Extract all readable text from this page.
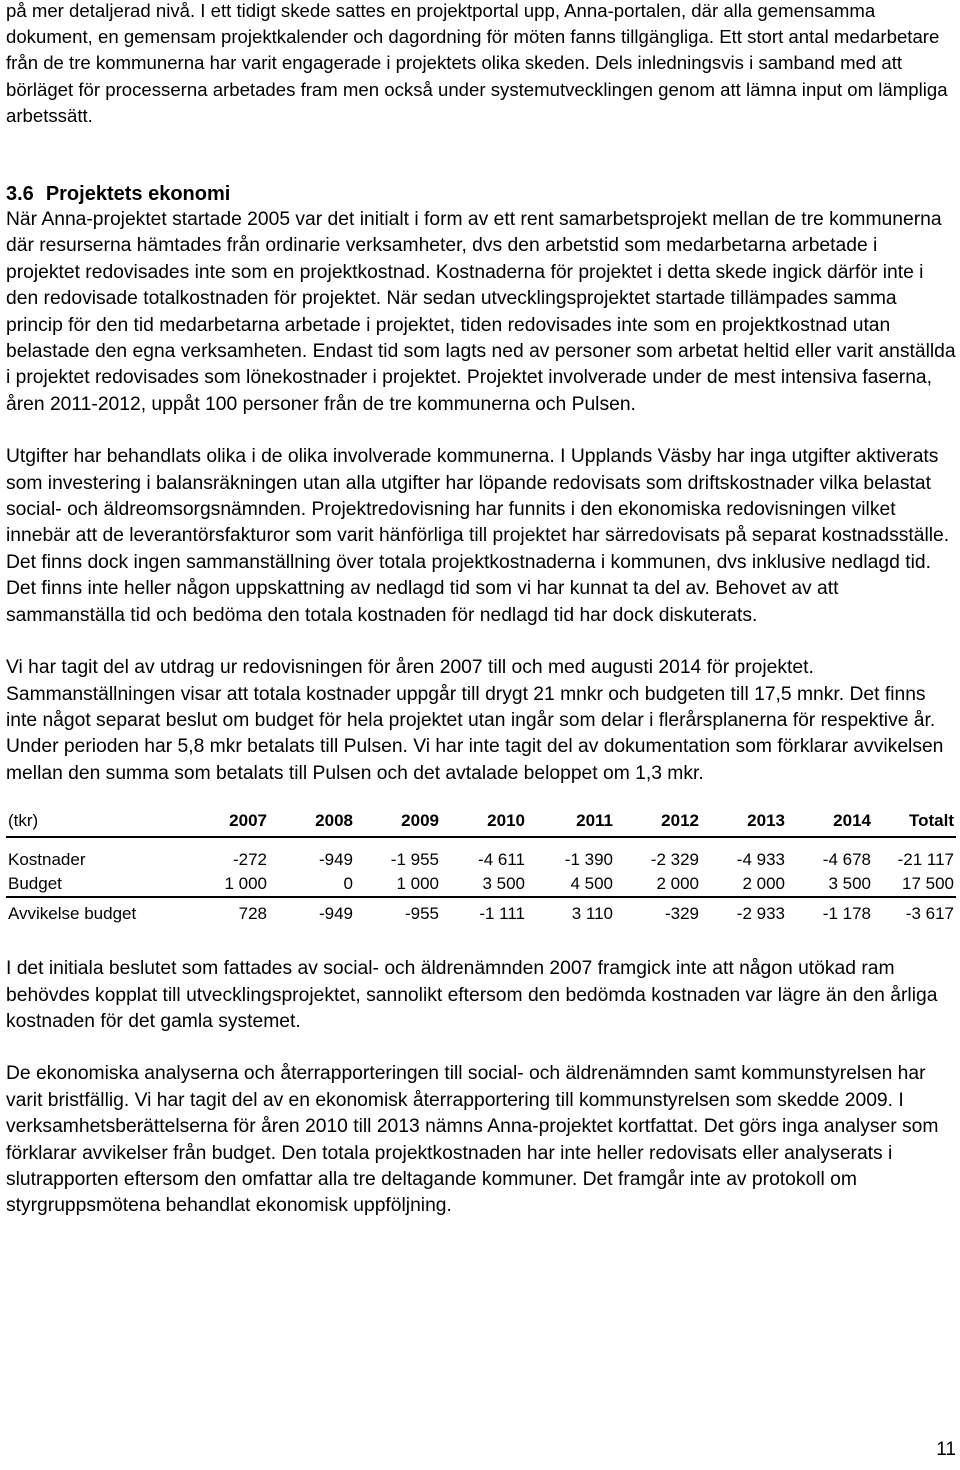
på mer detaljerad nivå. I ett tidigt skede sattes en projektportal upp, Anna-portalen, där alla gemensamma dokument, en gemensam projektkalender och dagordning för möten fanns tillgängliga. Ett stort antal medarbetare från de tre kommunerna har varit engagerade i projektets olika skeden. Dels inledningsvis i samband med att börläget för processerna arbetades fram men också under systemutvecklingen genom att lämna input om lämpliga arbetssätt.

3.6 Projektets ekonomi

När Anna-projektet startade 2005 var det initialt i form av ett rent samarbetsprojekt mellan de tre kommunerna där resurserna hämtades från ordinarie verksamheter, dvs den arbetstid som medarbetarna arbetade i projektet redovisades inte som en projektkostnad. Kostnaderna för projektet i detta skede ingick därför inte i den redovisade totalkostnaden för projektet. När sedan utvecklingsprojektet startade tillämpades samma princip för den tid medarbetarna arbetade i projektet, tiden redovisades inte som en projektkostnad utan belastade den egna verksamheten. Endast tid som lagts ned av personer som arbetat heltid eller varit anställda i projektet redovisades som lönekostnader i projektet. Projektet involverade under de mest intensiva faserna, åren 2011-2012, uppåt 100 personer från de tre kommunerna och Pulsen.

Utgifter har behandlats olika i de olika involverade kommunerna. I Upplands Väsby har inga utgifter aktiverats som investering i balansräkningen utan alla utgifter har löpande redovisats som driftskostnader vilka belastat social- och äldreomsorgsnämnden. Projektredovisning har funnits i den ekonomiska redovisningen vilket innebär att de leverantörsfakturor som varit hänförliga till projektet har särredovisats på separat kostnadsställe. Det finns dock ingen sammanställning över totala projektkostnaderna i kommunen, dvs inklusive nedlagd tid. Det finns inte heller någon uppskattning av nedlagd tid som vi har kunnat ta del av. Behovet av att sammanställa tid och bedöma den totala kostnaden för nedlagd tid har dock diskuterats.

Vi har tagit del av utdrag ur redovisningen för åren 2007 till och med augusti 2014 för projektet. Sammanställningen visar att totala kostnader uppgår till drygt 21 mnkr och budgeten till 17,5 mnkr. Det finns inte något separat beslut om budget för hela projektet utan ingår som delar i flerårsplanerna för respektive år. Under perioden har 5,8 mkr betalats till Pulsen. Vi har inte tagit del av dokumentation som förklarar avvikelsen mellan den summa som betalats till Pulsen och det avtalade beloppet om 1,3 mkr.

(tkr)	2007	2008	2009	2010	2011	2012	2013	2014	Totalt
Kostnader	-272	-949	-1 955	-4 611	-1 390	-2 329	-4 933	-4 678	-21 117
Budget	1 000	0	1 000	3 500	4 500	2 000	2 000	3 500	17 500
Avvikelse budget	728	-949	-955	-1 111	3 110	-329	-2 933	-1 178	-3 617

I det initiala beslutet som fattades av social- och äldrenämnden 2007 framgick inte att någon utökad ram behövdes kopplat till utvecklingsprojektet, sannolikt eftersom den bedömda kostnaden var lägre än den årliga kostnaden för det gamla systemet.

De ekonomiska analyserna och återrapporteringen till social- och äldrenämnden samt kommunstyrelsen har varit bristfällig. Vi har tagit del av en ekonomisk återrapportering till kommunstyrelsen som skedde 2009. I verksamhetsberättelserna för åren 2010 till 2013 nämns Anna-projektet kortfattat. Det görs inga analyser som förklarar avvikelser från budget. Den totala projektkostnaden har inte heller redovisats eller analyserats i slutrapporten eftersom den omfattar alla tre deltagande kommuner. Det framgår inte av protokoll om styrgruppsmötena behandlat ekonomisk uppföljning.

11
